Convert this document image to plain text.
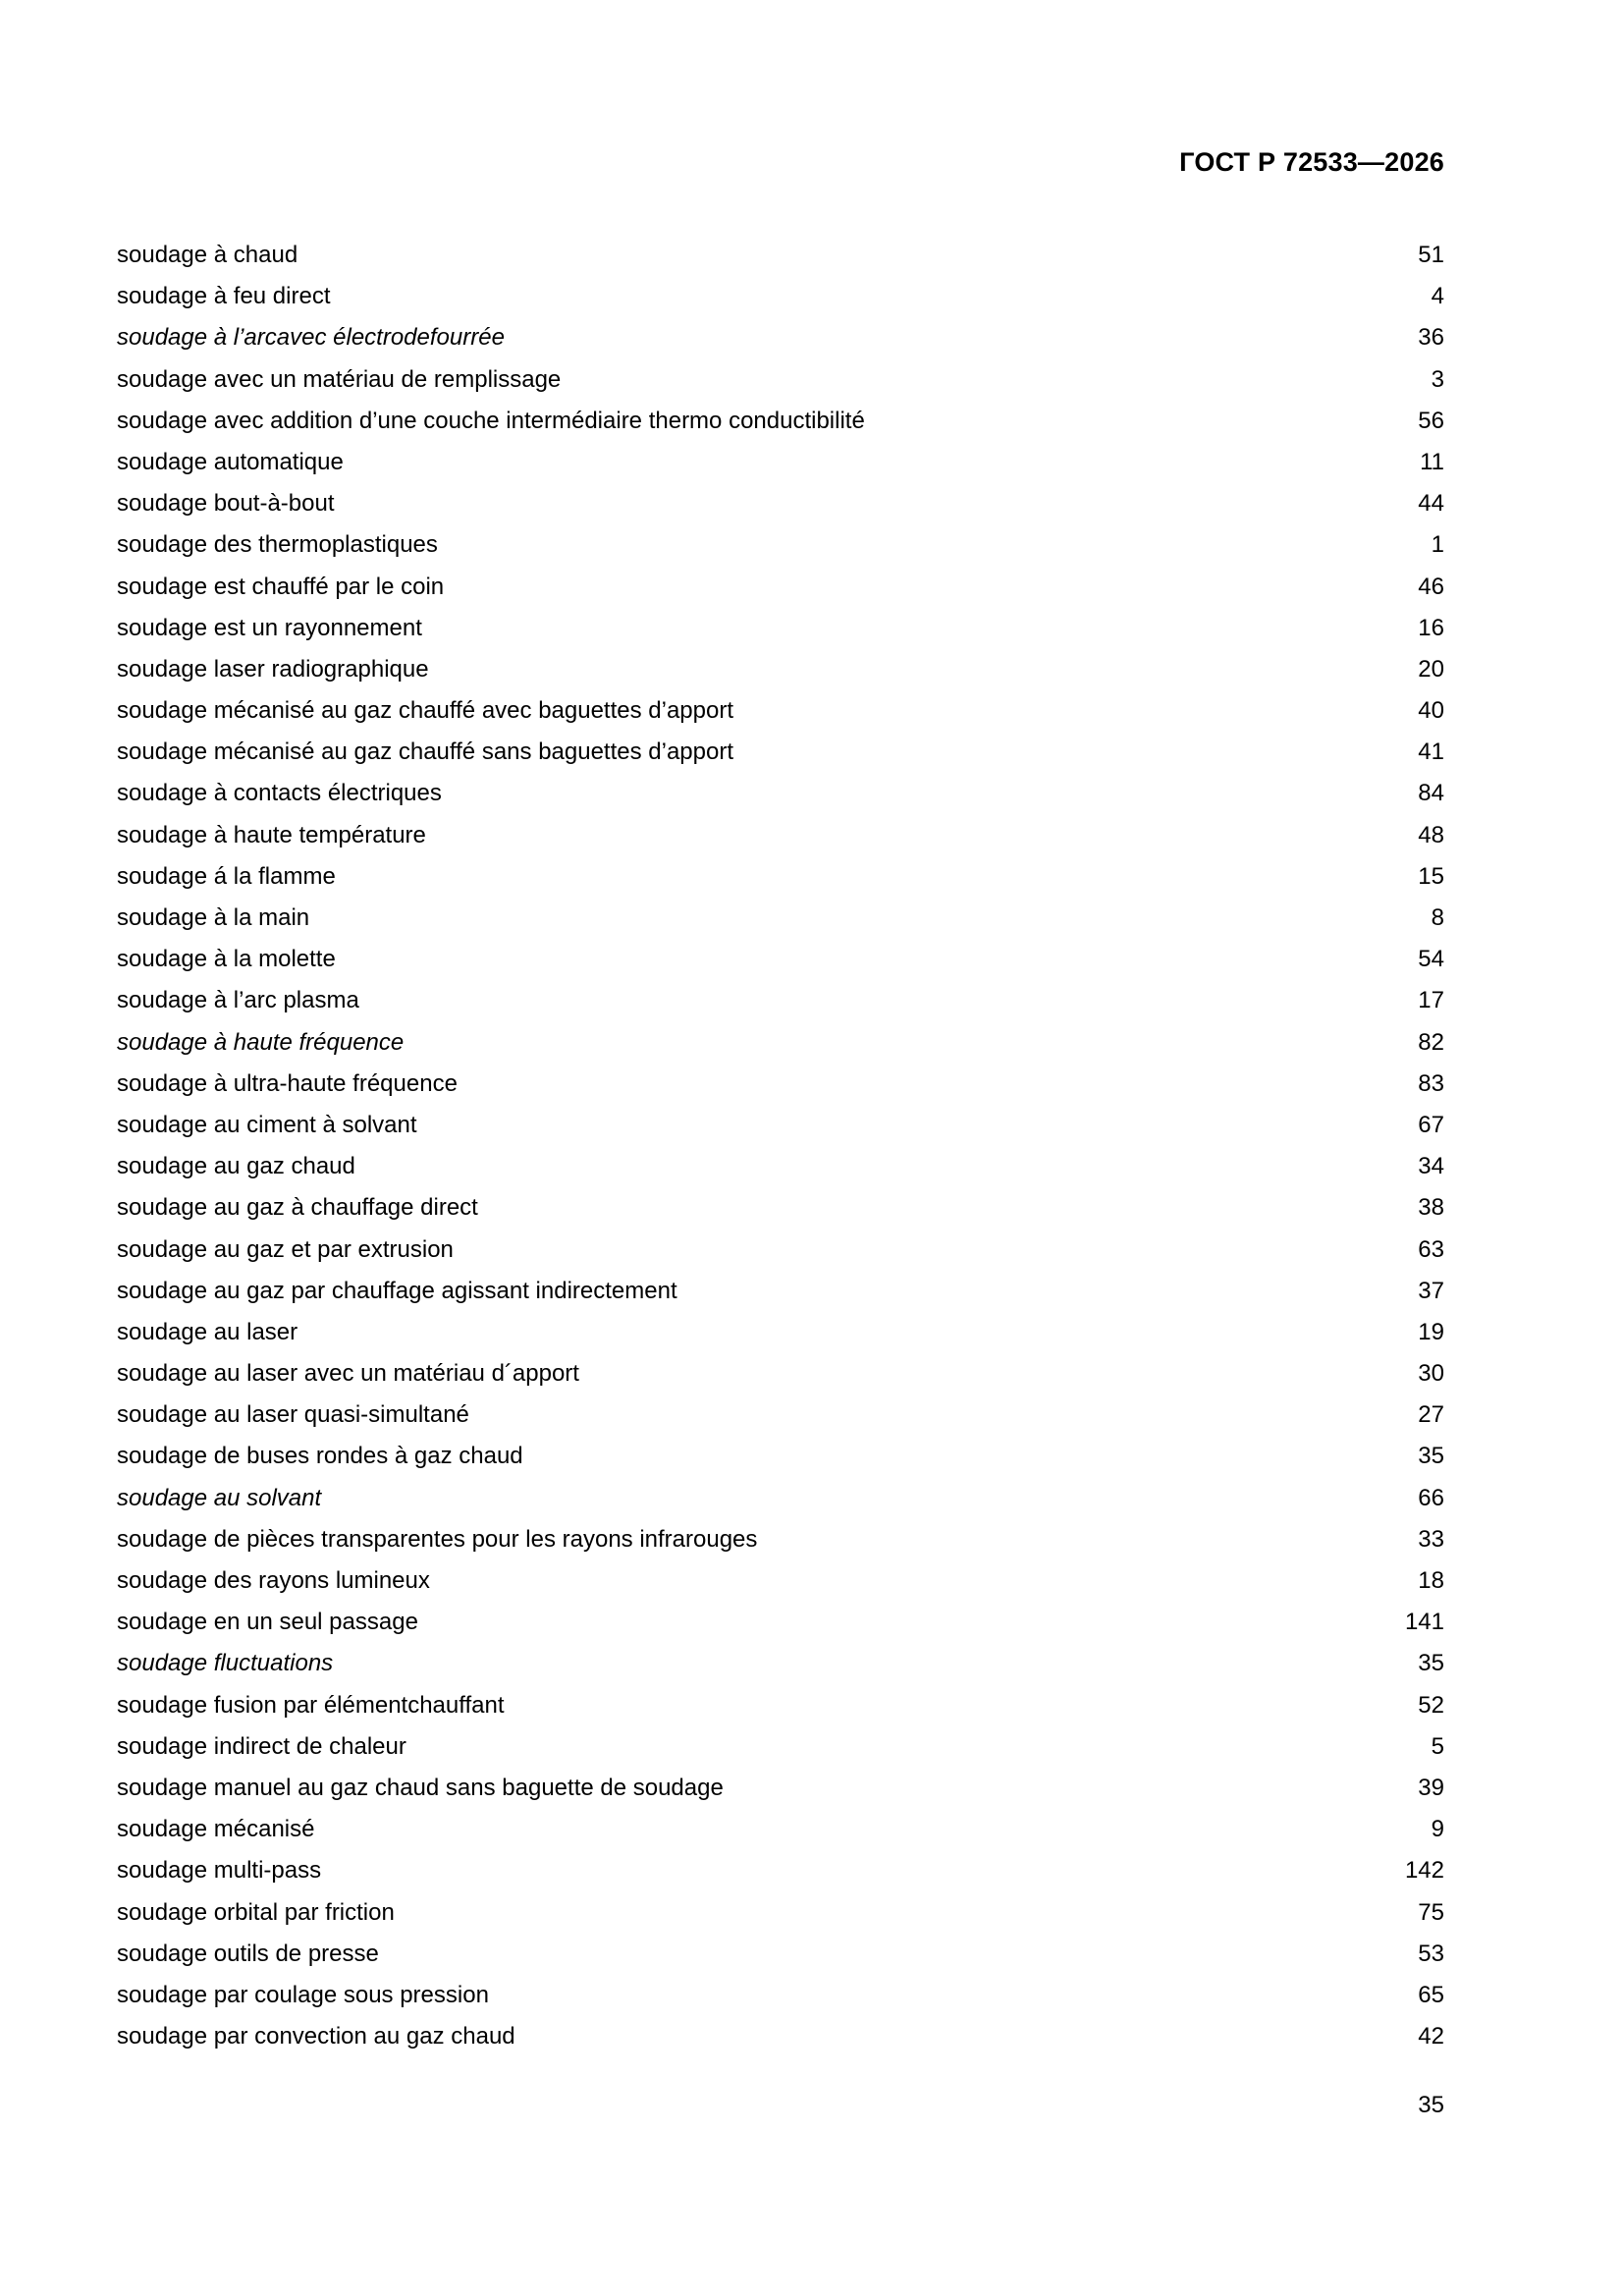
ГОСТ Р 72533—2026
soudage à chaud	51
soudage à feu direct	4
soudage à l’arcavec électrodefourrée	36
soudage avec un matériau de remplissage	3
soudage avec addition d’une couche intermédiaire thermo conductibilité	56
soudage automatique	11
soudage bout-à-bout	44
soudage des thermoplastiques	1
soudage est chauffé par le coin	46
soudage est un rayonnement	16
soudage laser radiographique	20
soudage mécanisé au gaz chauffé avec baguettes d’apport	40
soudage mécanisé au gaz chauffé sans baguettes d’apport	41
soudage à contacts électriques	84
soudage à haute température	48
soudage á la flamme	15
soudage à la main	8
soudage à la molette	54
soudage à l’arc plasma	17
soudage à haute fréquence	82
soudage à ultra-haute fréquence	83
soudage au ciment à solvant	67
soudage au gaz chaud	34
soudage au gaz à chauffage direct	38
soudage au gaz et par extrusion	63
soudage au gaz par chauffage agissant indirectement	37
soudage au laser	19
soudage au laser avec un matériau d´apport	30
soudage au laser quasi-simultané	27
soudage de buses rondes à gaz chaud	35
soudage au solvant	66
soudage de pièces transparentes pour les rayons infrarouges	33
soudage des rayons lumineux	18
soudage en un seul passage	141
soudage fluctuations	35
soudage fusion par élémentchauffant	52
soudage indirect de chaleur	5
soudage manuel au gaz chaud sans baguette de soudage	39
soudage mécanisé	9
soudage multi-pass	142
soudage orbital par friction	75
soudage outils de presse	53
soudage par coulage sous pression	65
soudage par convection au gaz chaud	42
35
